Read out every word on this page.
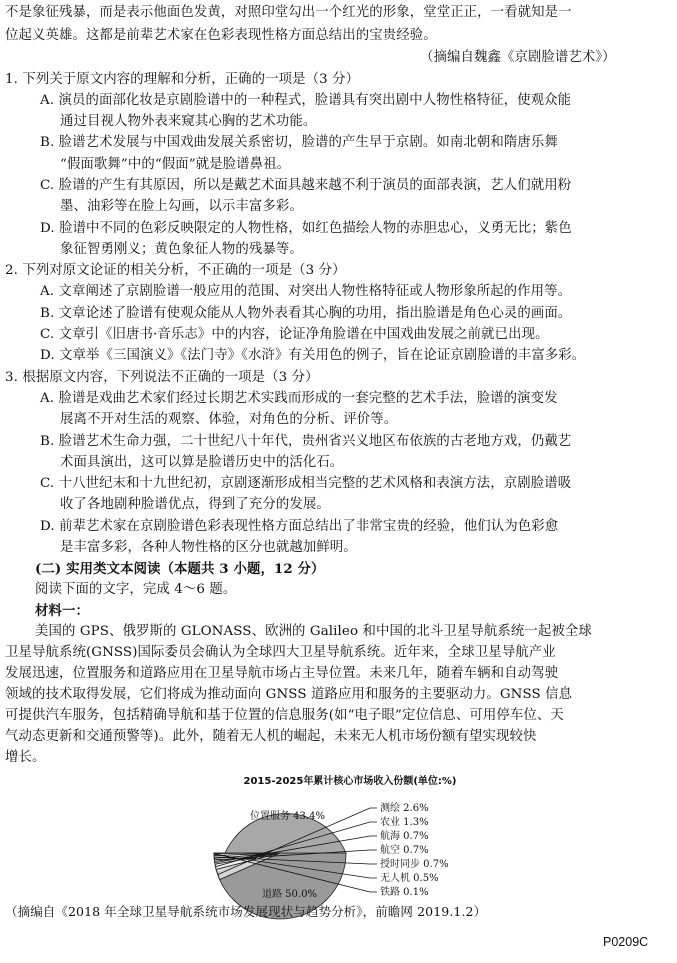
不是象征残暴，而是表示他面色发黄，对照印堂勾出一个红光的形象，堂堂正正，一看就知是一
位起义英雄。这都是前辈艺术家在色彩表现性格方面总结出的宝贵经验。
（摘编自魏鑫《京剧脸谱艺术》）
1. 下列关于原文内容的理解和分析，正确的一项是（3 分）
A. 演员的面部化妆是京剧脸谱中的一种程式，脸谱具有突出剧中人物性格特征，使观众能
通过目视人物外表来窥其心胸的艺术功能。
B. 脸谱艺术发展与中国戏曲发展关系密切，脸谱的产生早于京剧。如南北朝和隋唐乐舞
“假面歌舞”中的“假面”就是脸谱鼻祖。
C. 脸谱的产生有其原因，所以是戴艺术面具越来越不利于演员的面部表演，艺人们就用粉
墨、油彩等在脸上勾画，以示丰富多彩。
D. 脸谱中不同的色彩反映限定的人物性格，如红色描绘人物的赤胆忠心，义勇无比；紫色
象征智勇刚义；黄色象征人物的残暴等。
2. 下列对原文论证的相关分析，不正确的一项是（3 分）
A. 文章阐述了京剧脸谱一般应用的范围、对突出人物性格特征或人物形象所起的作用等。
B. 文章论述了脸谱有使观众能从人物外表看其心胸的功用，指出脸谱是角色心灵的画面。
C. 文章引《旧唐书·音乐志》中的内容，论证净角脸谱在中国戏曲发展之前就已出现。
D. 文章举《三国演义》《法门寺》《水浒》有关用色的例子，旨在论证京剧脸谱的丰富多彩。
3. 根据原文内容，下列说法不正确的一项是（3 分）
A. 脸谱是戏曲艺术家们经过长期艺术实践而形成的一套完整的艺术手法，脸谱的演变发
展离不开对生活的观察、体验，对角色的分析、评价等。
B. 脸谱艺术生命力强，二十世纪八十年代，贵州省兴义地区布依族的古老地方戏，仍戴艺
术面具演出，这可以算是脸谱历史中的活化石。
C. 十八世纪末和十九世纪初，京剧逐渐形成相当完整的艺术风格和表演方法，京剧脸谱吸
收了各地剧种脸谱优点，得到了充分的发展。
D. 前辈艺术家在京剧脸谱色彩表现性格方面总结出了非常宝贵的经验，他们认为色彩愈
是丰富多彩，各种人物性格的区分也就越加鲜明。
(二) 实用类文本阅读（本题共 3 小题，12 分）
阅读下面的文字，完成 4～6 题。
材料一：
美国的 GPS、俄罗斯的 GLONASS、欧洲的 Galileo 和中国的北斗卫星导航系统一起被全球
卫星导航系统(GNSS)国际委员会确认为全球四大卫星导航系统。近年来，全球卫星导航产业
发展迅速，位置服务和道路应用在卫星导航市场占主导位置。未来几年，随着车辆和自动驾驶
领域的技术取得发展，它们将成为推动面向 GNSS 道路应用和服务的主要驱动力。GNSS 信息
可提供汽车服务，包括精确导航和基于位置的信息服务(如“电子眼”定位信息、可用停车位、天
气动态更新和交通预警等)。此外，随着无人机的崛起，未来无人机市场份额有望实现较快
增长。
2015-2025年累计核心市场收入份额(单位:%)
位置服务 43.4%
道路 50.0%
测绘 2.6%
农业 1.3%
航海 0.7%
航空 0.7%
授时同步 0.7%
无人机 0.5%
铁路 0.1%
（摘编自《2018 年全球卫星导航系统市场发展现状与趋势分析》，前瞻网 2019.1.2）
P0209C
